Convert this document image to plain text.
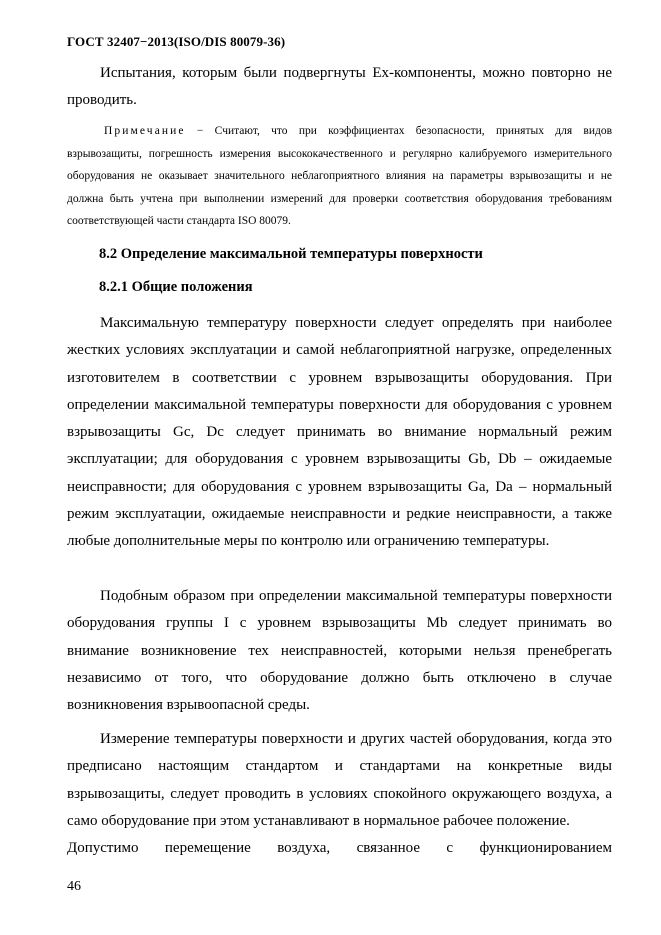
ГОСТ 32407−2013(ISO/DIS 80079-36)

Испытания, которым были подвергнуты Ex-компоненты, можно повторно не проводить.

Примечание − Считают, что при коэффициентах безопасности, принятых для видов взрывозащиты, погрешность измерения высококачественного и регулярно калибруемого измерительного оборудования не оказывает значительного неблагоприятного влияния на параметры взрывозащиты и не должна быть учтена при выполнении измерений для проверки соответствия оборудования требованиям соответствующей части стандарта ISO 80079.

8.2 Определение максимальной температуры поверхности
8.2.1 Общие положения

Максимальную температуру поверхности следует определять при наиболее жестких условиях эксплуатации и самой неблагоприятной нагрузке, определенных изготовителем в соответствии с уровнем взрывозащиты оборудования. При определении максимальной температуры поверхности для оборудования с уровнем взрывозащиты Gc, Dc следует принимать во внимание нормальный режим эксплуатации; для оборудования с уровнем взрывозащиты Gb, Db – ожидаемые неисправности; для оборудования с уровнем взрывозащиты Ga, Da – нормальный режим эксплуатации, ожидаемые неисправности и редкие неисправности, а также любые дополнительные меры по контролю или ограничению температуры.

Подобным образом при определении максимальной температуры поверхности оборудования группы I с уровнем взрывозащиты Mb следует принимать во внимание возникновение тех неисправностей, которыми нельзя пренебрегать независимо от того, что оборудование должно быть отключено в случае возникновения взрывоопасной среды.

Измерение температуры поверхности и других частей оборудования, когда это предписано настоящим стандартом и стандартами на конкретные виды взрывозащиты, следует проводить в условиях спокойного окружающего воздуха, а само оборудование при этом устанавливают в нормальное рабочее положение.

Допустимо перемещение воздуха, связанное с функционированием
46
